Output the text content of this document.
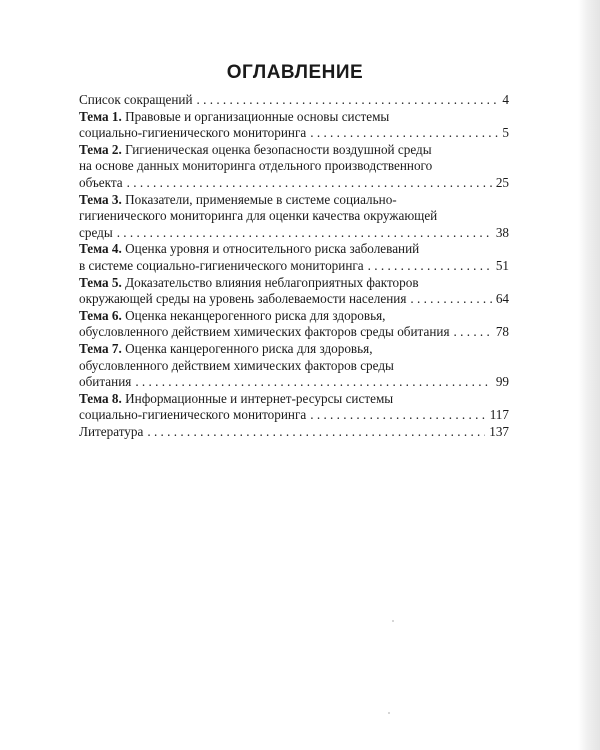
ОГЛАВЛЕНИЕ
Список сокращений . . .	4
Тема 1. Правовые и организационные основы системы
социально-гигиенического мониторинга . . .	5
Тема 2. Гигиеническая оценка безопасности воздушной среды
на основе данных мониторинга отдельного производственного
объекта . . .	25
Тема 3. Показатели, применяемые в системе социально-
гигиенического мониторинга для оценки качества окружающей
среды . . .	38
Тема 4. Оценка уровня и относительного риска заболеваний
в системе социально-гигиенического мониторинга . . .	51
Тема 5. Доказательство влияния неблагоприятных факторов
окружающей среды на уровень заболеваемости населения . . .	64
Тема 6. Оценка неканцерогенного риска для здоровья,
обусловленного действием химических факторов среды обитания . . .	78
Тема 7. Оценка канцерогенного риска для здоровья,
обусловленного действием химических факторов среды
обитания . . .	99
Тема 8. Информационные и интернет-ресурсы системы
социально-гигиенического мониторинга . . .	117
Литература . . .	137
